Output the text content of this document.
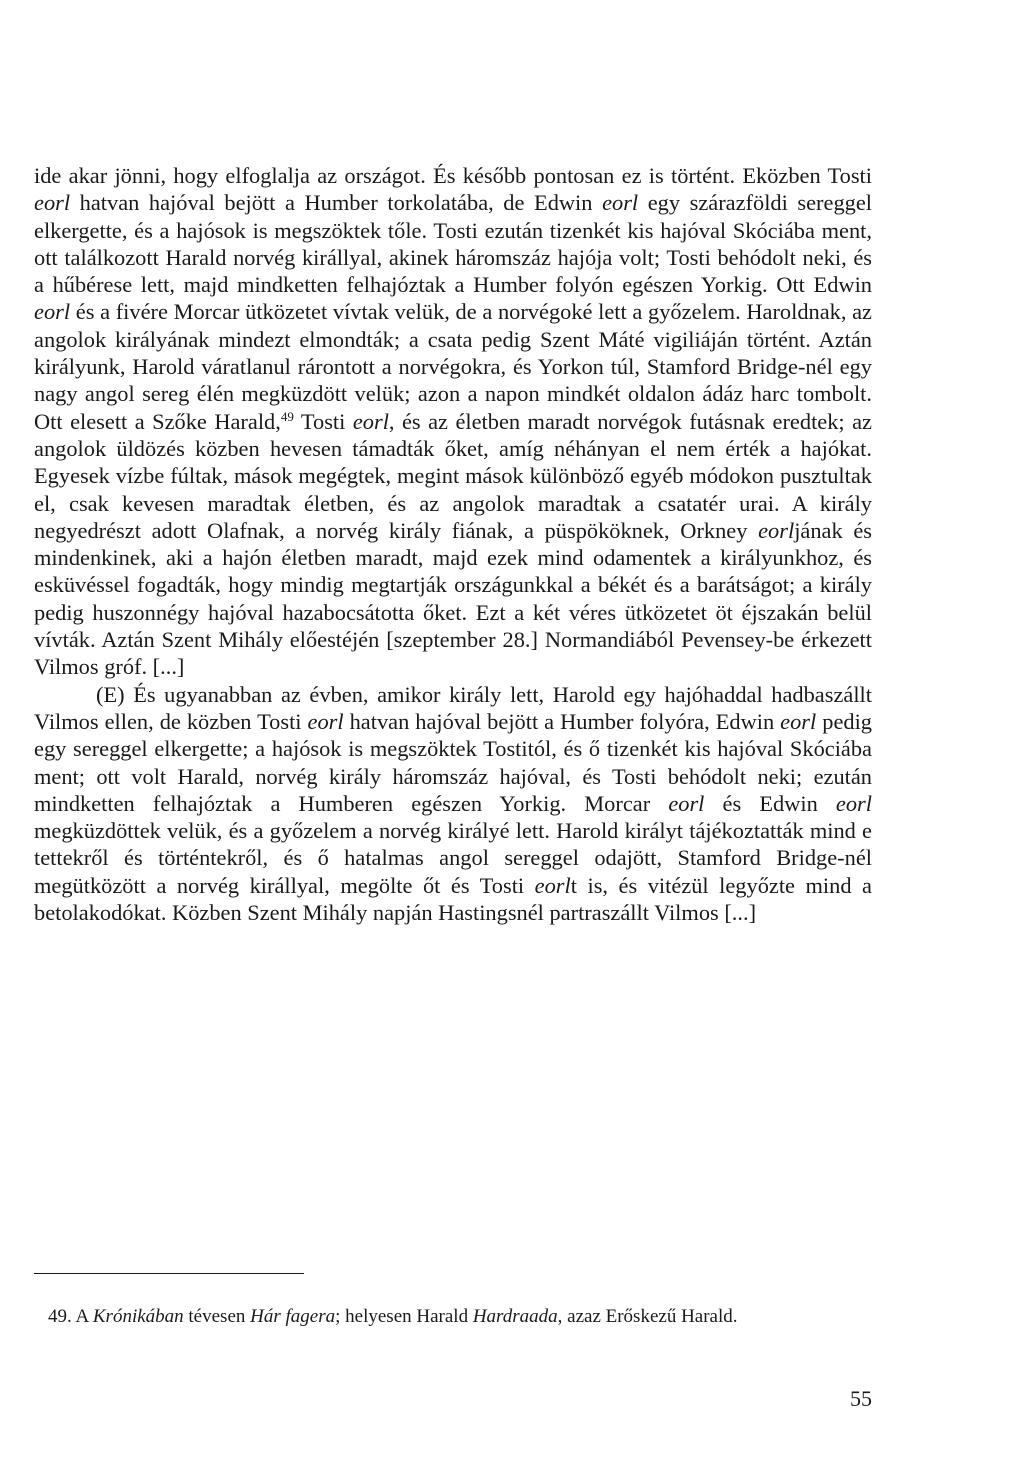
ide akar jönni, hogy elfoglalja az országot. És később pontosan ez is történt. Eközben Tosti eorl hatvan hajóval bejött a Humber torkolatába, de Edwin eorl egy szárazföldi sereggel elkergette, és a hajósok is megszöktek tőle. Tosti ezután tizenkét kis hajóval Skóciába ment, ott találkozott Harald norvég királlyal, akinek háromszáz hajója volt; Tosti behódolt neki, és a hűbérese lett, majd mindketten felhajóztak a Humber folyón egészen Yorkig. Ott Edwin eorl és a fivére Morcar ütközetet vívtak velük, de a norvégoké lett a győzelem. Haroldnak, az angolok királyának mindezt elmondták; a csata pedig Szent Máté vigiliáján történt. Aztán királyunk, Harold váratlanul rárontott a norvégokra, és Yorkon túl, Stamford Bridge-nél egy nagy angol sereg élén megküzdött velük; azon a napon mindkét oldalon ádáz harc tombolt. Ott elesett a Szőke Harald,$^{49}$ Tosti eorl, és az életben maradt norvégok futásnak eredtek; az angolok üldözés közben hevesen támadták őket, amíg néhányan el nem érték a hajókat. Egyesek vízbe fúltak, mások megégtek, megint mások különböző egyéb módokon pusztultak el, csak kevesen maradtak életben, és az angolok maradtak a csatatér urai. A király negyedrészt adott Olafnak, a norvég király fiának, a püspököknek, Orkney eorljának és mindenkinek, aki a hajón életben maradt, majd ezek mind odamentek a királyunkhoz, és esküvéssel fogadták, hogy mindig megtartják országunkkal a békét és a barátságot; a király pedig huszonnégy hajóval hazabocsátotta őket. Ezt a két véres ütközetet öt éjszakán belül vívták. Aztán Szent Mihály előestéjén [szeptember 28.] Normandiából Pevensey-be érkezett Vilmos gróf. [...]

(E) És ugyanabban az évben, amikor király lett, Harold egy hajóhaddal hadbaszállt Vilmos ellen, de közben Tosti eorl hatvan hajóval bejött a Humber folyóra, Edwin eorl pedig egy sereggel elkergette; a hajósok is megszöktek Tostitól, és ő tizenkét kis hajóval Skóciába ment; ott volt Harald, norvég király háromszáz hajóval, és Tosti behódolt neki; ezután mindketten felhajóztak a Humberen egészen Yorkig. Morcar eorl és Edwin eorl megküzdöttek velük, és a győzelem a norvég királyé lett. Harold királyt tájékoztatták mind e tettekről és történtekről, és ő hatalmas angol sereggel odajött, Stamford Bridge-nél megütközött a norvég királlyal, megölte őt és Tosti eorlt is, és vitézül legyőzte mind a betolakodókat. Közben Szent Mihály napján Hastingsnél partraszállt Vilmos [...]

49. A Krónikában tévesen Hár fagera; helyesen Harald Hardraada, azaz Erőskezű Harald.

55
